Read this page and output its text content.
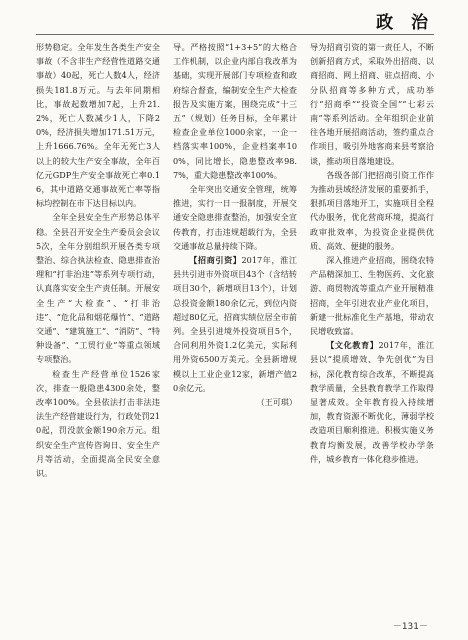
政 治

形势稳定。全年发生各类生产安全事故（不含非生产经营性道路交通事故）40起，死亡人数4人，经济损失181.8万元。与去年同期相比，事故起数增加7起，上升21.2%，死亡人数减少1人，下降20%，经济损失增加171.51万元，上升1666.76%。全年无死亡3人以上的较大生产安全事故，全年百亿元GDP生产安全事故死亡率0.16，其中道路交通事故死亡率等指标均控制在市下达目标以内。

全年全县安全生产形势总体平稳。全县召开安全生产委员会会议5次，全年分别组织开展各类专项整治、综合执法检查、隐患排查治理和“打非治违”等系列专项行动，认真落实安全生产责任制。开展安全生产“大检查”、“打非治违”、“危化品和烟花爆竹”、“道路交通”、“建筑施工”、“消防”、“特种设备”、“工贸行业”等重点领域专项整治。

检查生产经营单位1526家次，排查一般隐患4300余处，整改率100%。全县依法打击非法违法生产经营建设行为，行政处罚210起，罚没款金额190余万元。组织安全生产宣传咨询日、安全生产月等活动，全面提高全民安全意识。

导。严格按照“1+3+5”的大格合工作机制，以企业内部自我改革为基础，实现开展部门专项检查和政府综合督查，编制安全生产大检查报告及实施方案，围绕完成“十三五”（规划）任务目标，全年累计检查企业单位1000余家，一企一档落实率100%，企业档案率100%，同比增长，隐患整改率98.7%，重大隐患整改率100%。

全年突出交通安全管理，统筹推进，实行一日一报制度，开展交通安全隐患排查整治，加强安全宣传教育，打击违规超载行为，全县交通事故总量持续下降。

【招商引资】2017年，淮江县共引进市外资项目43个（含结转项目30个，新增项目13个），计划总投资金额180余亿元，到位内资超过80亿元，招商实绩位居全市前列。全县引进境外投资项目5个，合同利用外资1.2亿美元，实际利用外资6500万美元。全县新增规模以上工业企业12家，新增产值20余亿元。

（王可琪）

导为招商引资的第一责任人，不断创新招商方式，采取外出招商、以商招商、网上招商、驻点招商、小分队招商等多种方式，成功举行“招商季”“投资全国”“七彩云南”等系列活动。全年组织企业前往各地开展招商活动，签约重点合作项目，吸引外地客商来县考察洽谈，推动项目落地建设。

各级各部门把招商引资工作作为推动县域经济发展的重要抓手，狠抓项目落地开工，实施项目全程代办服务，优化营商环境，提高行政审批效率，为投资企业提供优质、高效、便捷的服务。

深入推进产业招商，围绕农特产品精深加工、生物医药、文化旅游、商贸物流等重点产业开展精准招商，全年引进农业产业化项目，新建一批标准化生产基地，带动农民增收致富。

【文化教育】2017年，淮江县以“提质增效、争先创优”为目标，深化教育综合改革，不断提高教学质量，全县教育教学工作取得显著成效。全年教育投入持续增加，教育资源不断优化，薄弱学校改造项目顺利推进。积极实施义务教育均衡发展，改善学校办学条件，城乡教育一体化稳步推进。

－131－
